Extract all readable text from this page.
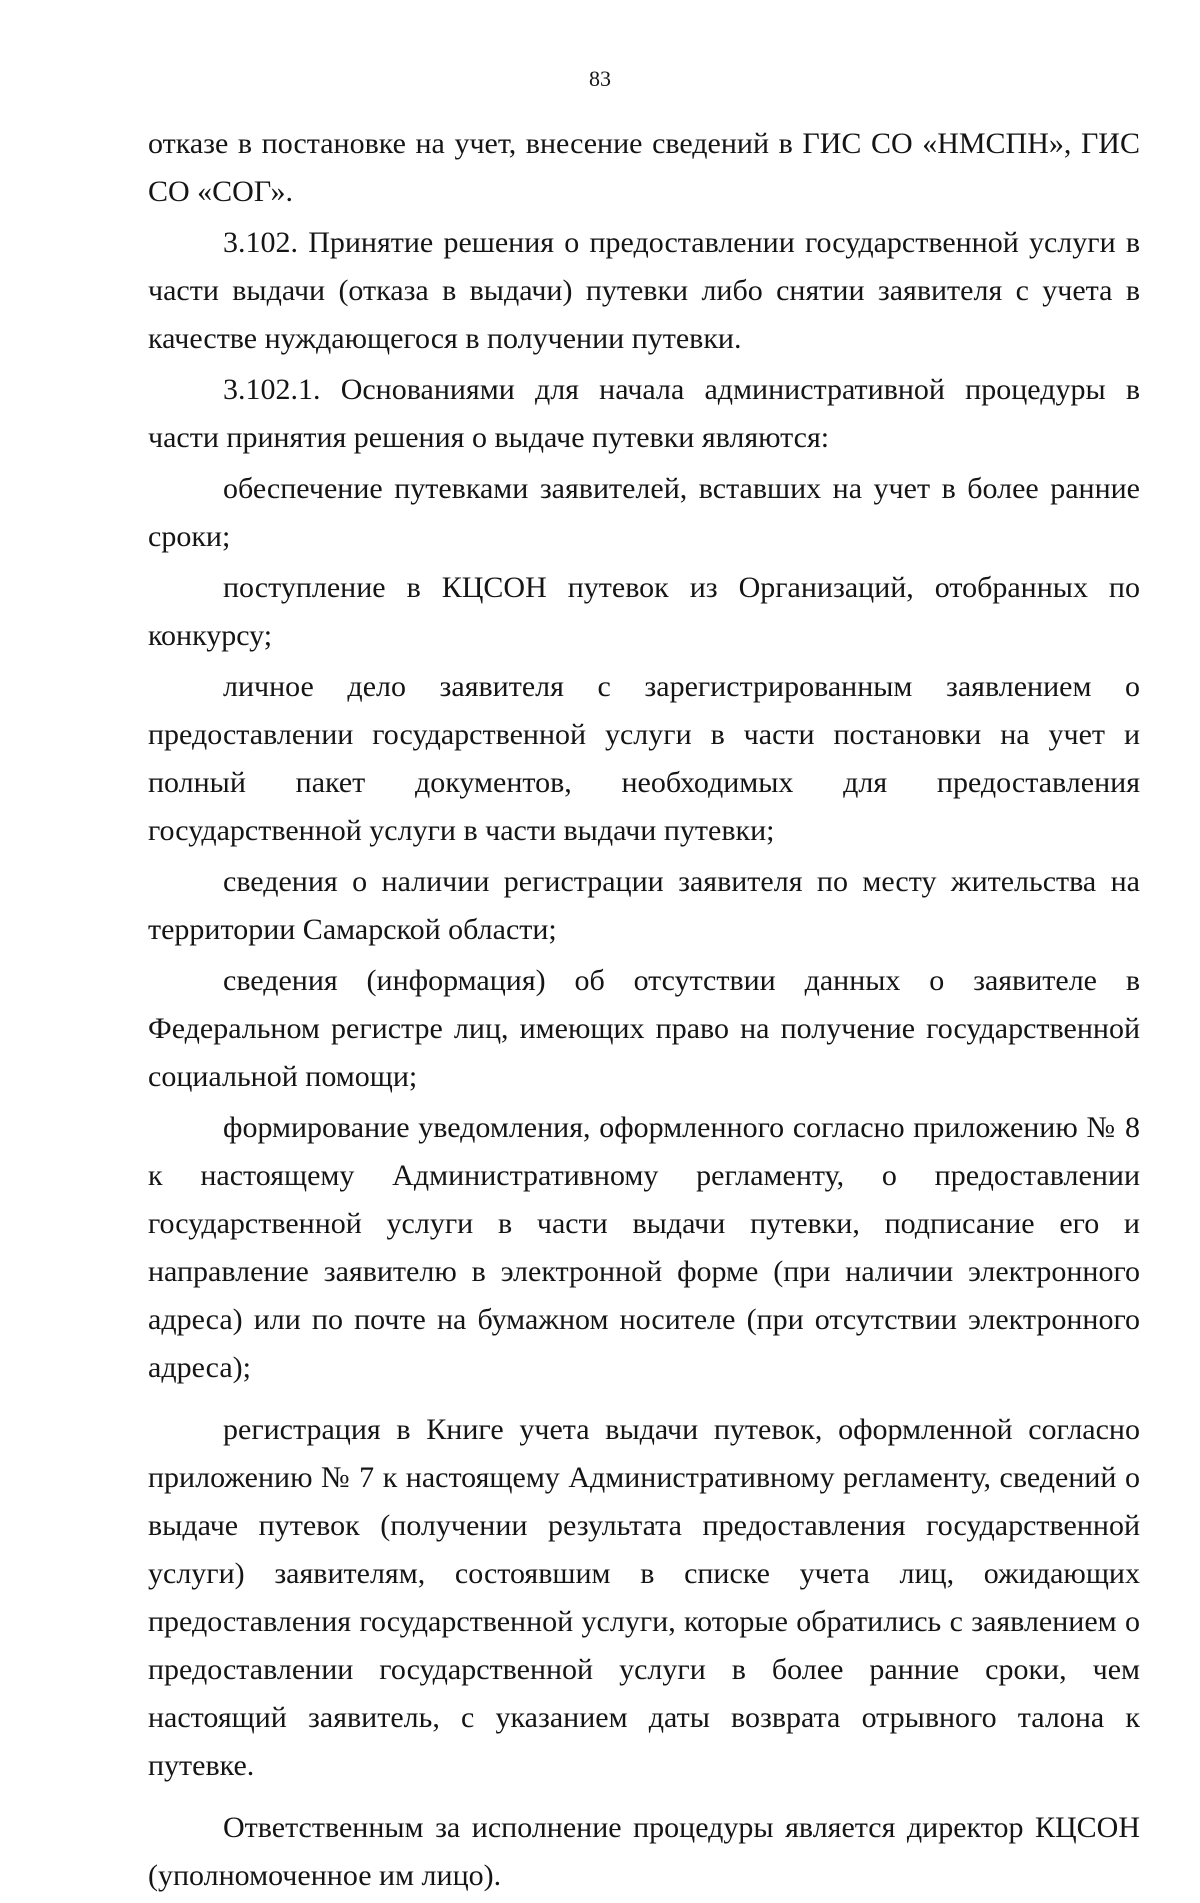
83

отказе в постановке на учет, внесение сведений в ГИС СО «НМСПН», ГИС СО «СОГ».

3.102. Принятие решения о предоставлении государственной услуги в части выдачи (отказа в выдачи) путевки либо снятии заявителя с учета в качестве нуждающегося в получении путевки.

3.102.1. Основаниями для начала административной процедуры в части принятия решения о выдаче путевки являются:

обеспечение путевками заявителей, вставших на учет в более ранние сроки;

поступление в КЦСОН путевок из Организаций, отобранных по конкурсу;

личное дело заявителя с зарегистрированным заявлением о предоставлении государственной услуги в части постановки на учет и полный пакет документов, необходимых для предоставления государственной услуги в части выдачи путевки;

сведения о наличии регистрации заявителя по месту жительства на территории Самарской области;

сведения (информация) об отсутствии данных о заявителе в Федеральном регистре лиц, имеющих право на получение государственной социальной помощи;

формирование уведомления, оформленного согласно приложению № 8 к настоящему Административному регламенту, о предоставлении государственной услуги в части выдачи путевки, подписание его и направление заявителю в электронной форме (при наличии электронного адреса) или по почте на бумажном носителе (при отсутствии электронного адреса);

регистрация в Книге учета выдачи путевок, оформленной согласно приложению № 7 к настоящему Административному регламенту, сведений о выдаче путевок (получении результата предоставления государственной услуги) заявителям, состоявшим в списке учета лиц, ожидающих предоставления государственной услуги, которые обратились с заявлением о предоставлении государственной услуги в более ранние сроки, чем настоящий заявитель, с указанием даты возврата отрывного талона к путевке.

Ответственным за исполнение процедуры является директор КЦСОН (уполномоченное им лицо).
